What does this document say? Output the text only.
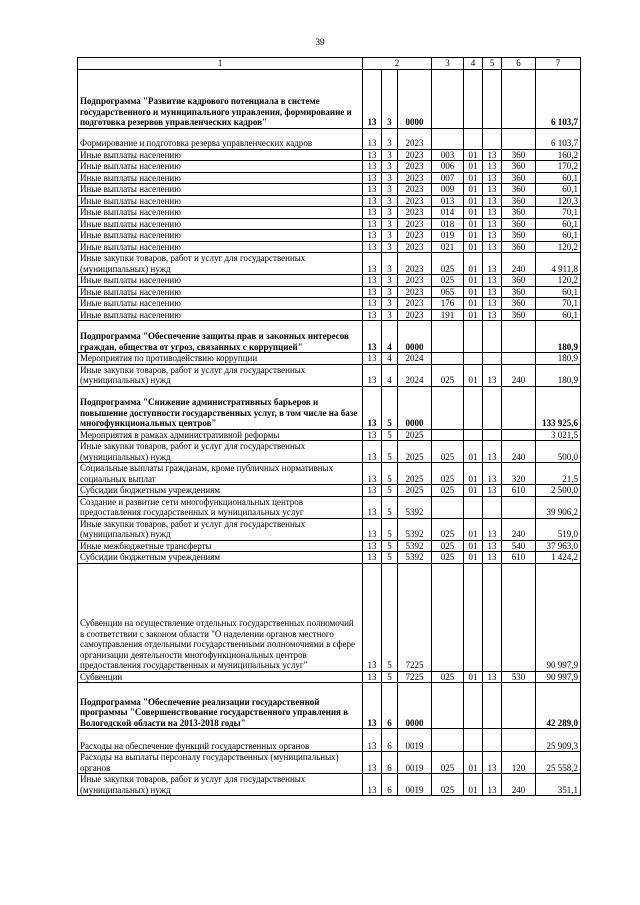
39
1	2			3	4	5	6	7
Подпрограмма "Развитие кадрового потенциала в системе государственного и муниципального управления, формирование и подготовка резервов управленческих кадров"	13	3	0000					6 103,7
Формирование и подготовка резерва управленческих кадров	13	3	2023					6 103,7
Иные выплаты населению	13	3	2023	003	01	13	360	160,2
Иные выплаты населению	13	3	2023	006	01	13	360	170,2
Иные выплаты населению	13	3	2023	007	01	13	360	60,1
Иные выплаты населению	13	3	2023	009	01	13	360	60,1
Иные выплаты населению	13	3	2023	013	01	13	360	120,3
Иные выплаты населению	13	3	2023	014	01	13	360	70,1
Иные выплаты населению	13	3	2023	018	01	13	360	60,1
Иные выплаты населению	13	3	2023	019	01	13	360	60,1
Иные выплаты населению	13	3	2023	021	01	13	360	120,2
Иные закупки товаров, работ и услуг для государственных (муниципальных) нужд	13	3	2023	025	01	13	240	4 911,8
Иные выплаты населению	13	3	2023	025	01	13	360	120,2
Иные выплаты населению	13	3	2023	065	01	13	360	60,1
Иные выплаты населению	13	3	2023	176	01	13	360	70,1
Иные выплаты населению	13	3	2023	191	01	13	360	60,1
Подпрограмма "Обеспечение защиты прав и законных интересов граждан, общества от угроз, связанных с коррупцией"	13	4	0000					180,9
Мероприятия по противодействию коррупции	13	4	2024					180,9
Иные закупки товаров, работ и услуг для государственных (муниципальных) нужд	13	4	2024	025	01	13	240	180,9
Подпрограмма "Снижение административных барьеров и повышение доступности государственных услуг, в том числе на базе многофункциональных центров"	13	5	0000					133 925,6
Мероприятия в рамках административной реформы	13	5	2025					3 021,5
Иные закупки товаров, работ и услуг для государственных (муниципальных) нужд	13	5	2025	025	01	13	240	500,0
Социальные выплаты гражданам, кроме публичных нормативных социальных выплат	13	5	2025	025	01	13	320	21,5
Субсидии бюджетным учреждениям	13	5	2025	025	01	13	610	2 500,0
Создание и развитие сети многофункциональных центров предоставления государственных и муниципальных услуг	13	5	5392					39 906,2
Иные закупки товаров, работ и услуг для государственных (муниципальных) нужд	13	5	5392	025	01	13	240	519,0
Иные межбюджетные трансферты	13	5	5392	025	01	13	540	37 963,0
Субсидии бюджетным учреждениям	13	5	5392	025	01	13	610	1 424,2
Субвенции на осуществление отдельных государственных полномочий в соответствии с законом области "О наделении органов местного самоуправления отдельными государственными полномочиями в сфере организации деятельности многофункциональных центров предоставления государственных и муниципальных услуг"	13	5	7225					90 997,9
Субвенции	13	5	7225	025	01	13	530	90 997,9
Подпрограмма "Обеспечение реализации государственной программы "Совершенствование государственного управления в Вологодской области на 2013-2018 годы"	13	6	0000					42 289,0
Расходы на обеспечение функций государственных органов	13	6	0019					25 909,3
Расходы на выплаты персоналу государственных (муниципальных) органов	13	6	0019	025	01	13	120	25 558,2
Иные закупки товаров, работ и услуг для государственных (муниципальных) нужд	13	6	0019	025	01	13	240	351,1
